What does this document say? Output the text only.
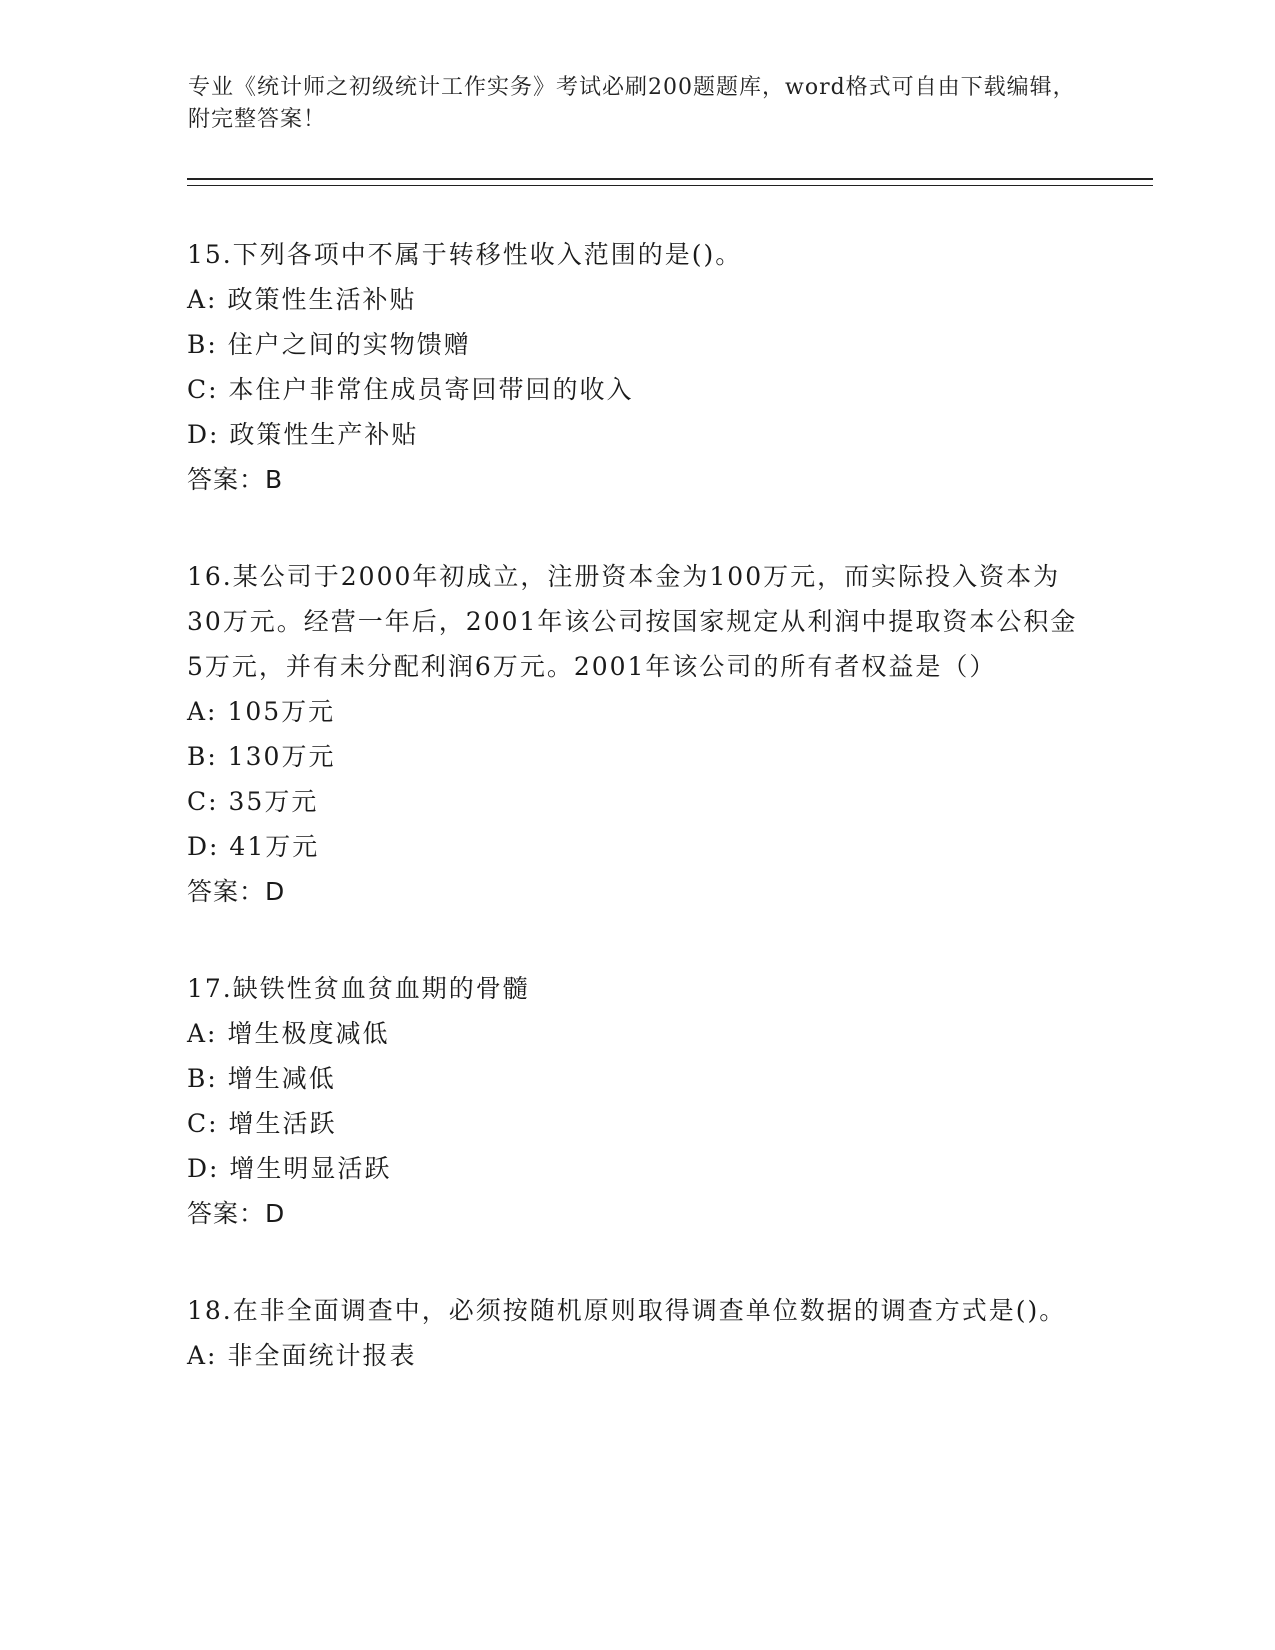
专业《统计师之初级统计工作实务》考试必刷200题题库，word格式可自由下载编辑，附完整答案！

15.下列各项中不属于转移性收入范围的是()。

A: 政策性生活补贴

B: 住户之间的实物馈赠

C: 本住户非常住成员寄回带回的收入

D: 政策性生产补贴

答案：B

16.某公司于2000年初成立，注册资本金为100万元，而实际投入资本为30万元。经营一年后，2001年该公司按国家规定从利润中提取资本公积金5万元，并有未分配利润6万元。2001年该公司的所有者权益是（）

A: 105万元

B: 130万元

C: 35万元

D: 41万元

答案：D

17.缺铁性贫血贫血期的骨髓

A: 增生极度减低

B: 增生减低

C: 增生活跃

D: 增生明显活跃

答案：D

18.在非全面调查中，必须按随机原则取得调查单位数据的调查方式是()。

A: 非全面统计报表
